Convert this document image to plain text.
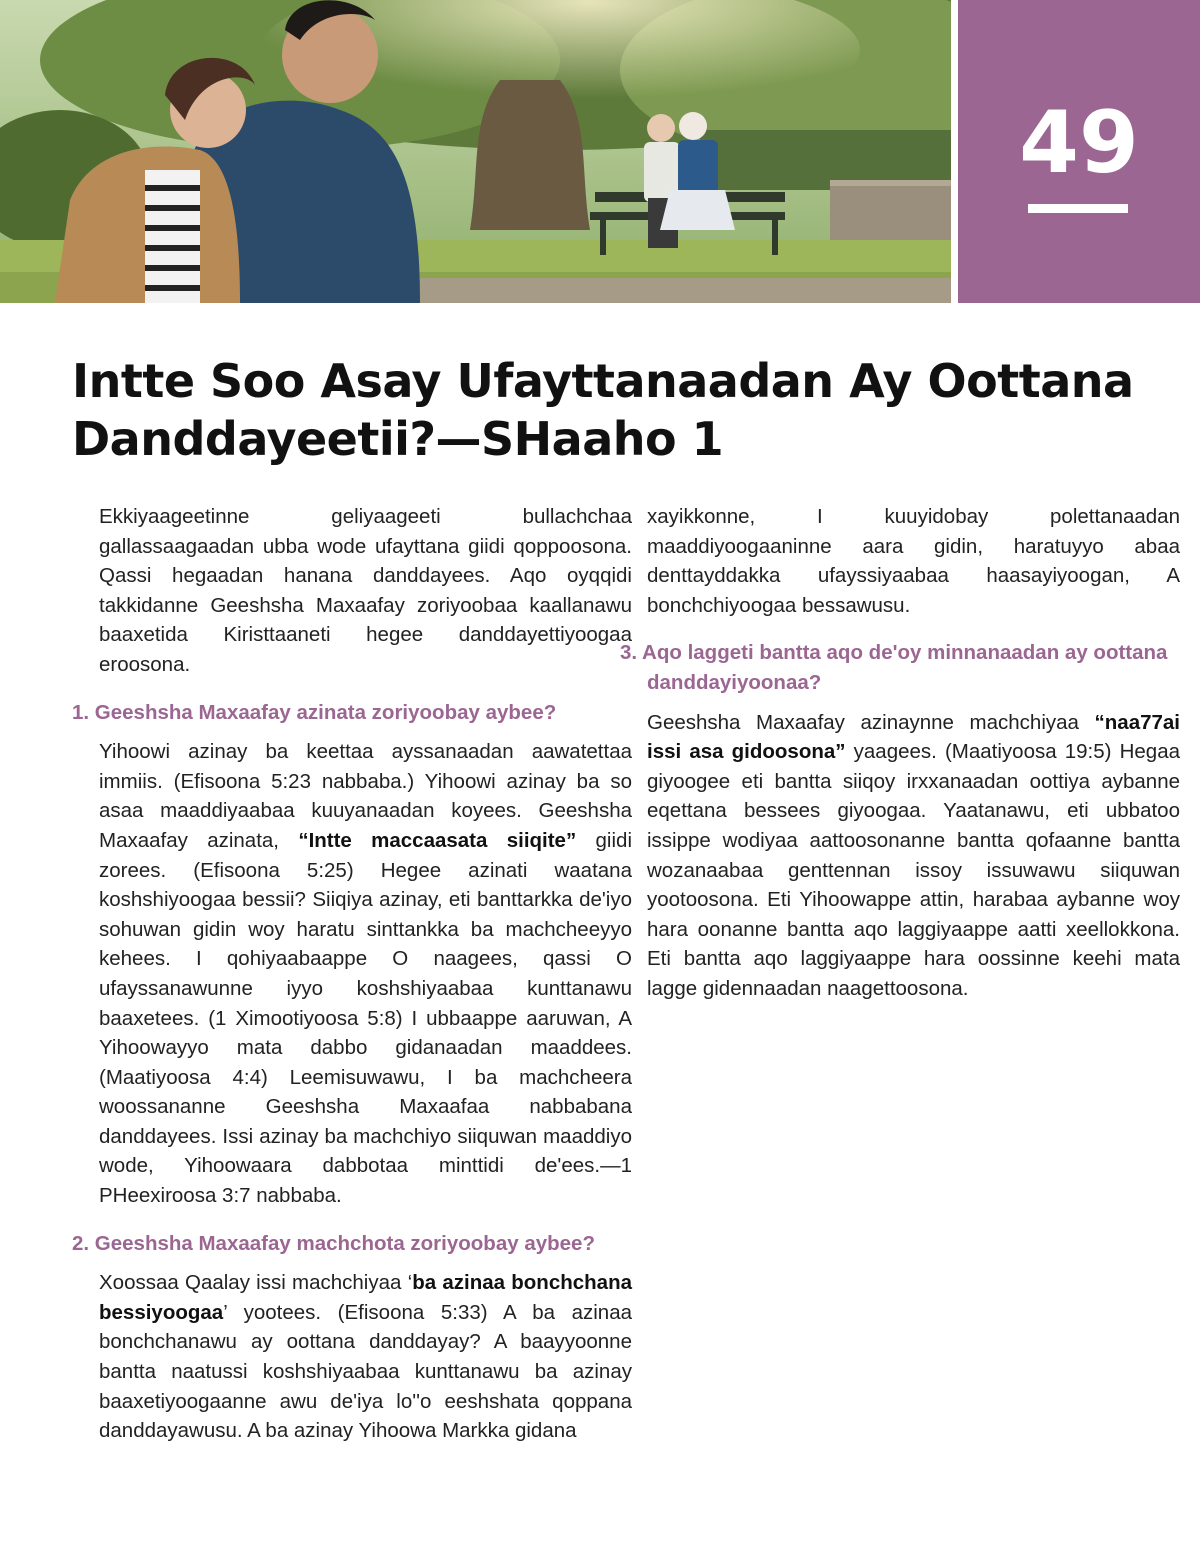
49
Intte Soo Asay Ufayttanaadan Ay Oottana Danddayeetii?—SHaaho 1

Ekkiyaageetinne geliyaageeti bullachchaa gallassaagaadan ubba wode ufayttana giidi qoppoosona. Qassi hegaadan hanana danddayees. Aqo oyqqidi takkidanne Geeshsha Maxaafay zoriyoobaa kaallanawu baaxetida Kiristtaaneti hegee danddayettiyoogaa eroosona.

1. Geeshsha Maxaafay azinata zoriyoobay aybee?

Yihoowi azinay ba keettaa ayssanaadan aawatettaa immiis. (Efisoona 5:23 nabbaba.) Yihoowi azinay ba so asaa maaddiyaabaa kuuyanaadan koyees. Geeshsha Maxaafay azinata, “Intte maccaasata siiqite” giidi zorees. (Efisoona 5:25) Hegee azinati waatana koshshiyoogaa bessii? Siiqiya azinay, eti banttarkka de'iyo sohuwan gidin woy haratu sinttankka ba machcheeyyo kehees. I qohiyaabaappe O naagees, qassi O ufayssanawunne iyyo koshshiyaabaa kunttanawu baaxetees. (1 Ximootiyoosa 5:8) I ubbaappe aaruwan, A Yihoowayyo mata dabbo gidanaadan maaddees. (Maatiyoosa 4:4) Leemisuwawu, I ba machcheera woossananne Geeshsha Maxaafaa nabbabana danddayees. Issi azinay ba machchiyo siiquwan maaddiyo wode, Yihoowaara dabbotaa minttidi de'ees.—1 PHeexiroosa 3:7 nabbaba.

2. Geeshsha Maxaafay machchota zoriyoobay aybee?

Xoossaa Qaalay issi machchiyaa ‘ba azinaa bonchchana bessiyoogaa’ yootees. (Efisoona 5:33) A ba azinaa bonchchanawu ay oottana danddayay? A baayyoonne bantta naatussi koshshiyaabaa kunttanawu ba azinay baaxetiyoogaanne awu de'iya lo''o eeshshata qoppana danddayawusu. A ba azinay Yihoowa Markka gidana

xayikkonne, I kuuyidobay polettanaadan maaddiyoogaaninne aara gidin, haratuyyo abaa denttayddakka ufayssiyaabaa haasayiyoogan, A bonchchiyoogaa bessawusu.

3. Aqo laggeti bantta aqo de'oy minnanaadan ay oottana danddayiyoonaa?

Geeshsha Maxaafay azinaynne machchiyaa “naa77ai issi asa gidoosona” yaagees. (Maatiyoosa 19:5) Hegaa giyoogee eti bantta siiqoy irxxanaadan oottiya aybanne eqettana bessees giyoogaa. Yaatanawu, eti ubbatoo issippe wodiyaa aattoosonanne bantta qofaanne bantta wozanaabaa genttennan issoy issuwawu siiquwan yootoosona. Eti Yihoowappe attin, harabaa aybanne woy hara oonanne bantta aqo laggiyaappe aatti xeellokkona. Eti bantta aqo laggiyaappe hara oossinne keehi mata lagge gidennaadan naagettoosona.
